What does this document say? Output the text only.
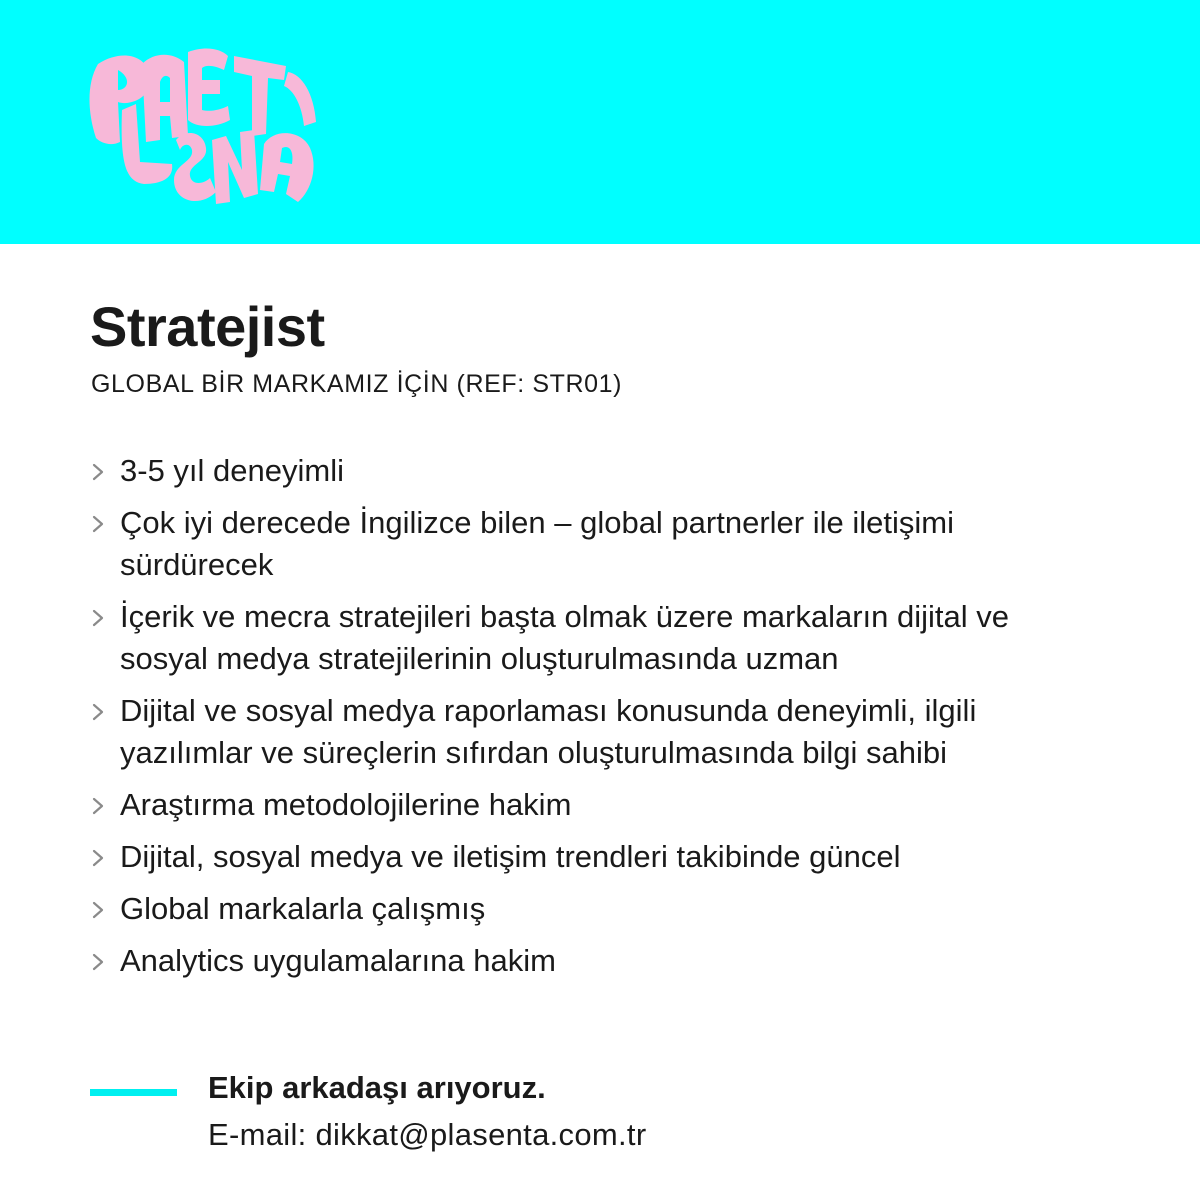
Stratejist
GLOBAL BİR MARKAMIZ İÇİN (REF: STR01)
3-5 yıl deneyimli
Çok iyi derecede İngilizce bilen – global partnerler ile iletişimi sürdürecek
İçerik ve mecra stratejileri başta olmak üzere markaların dijital ve sosyal medya stratejilerinin oluşturulmasında uzman
Dijital ve sosyal medya raporlaması konusunda deneyimli, ilgili yazılımlar ve süreçlerin sıfırdan oluşturulmasında bilgi sahibi
Araştırma metodolojilerine hakim
Dijital, sosyal medya ve iletişim trendleri takibinde güncel
Global markalarla çalışmış
Analytics uygulamalarına hakim
Ekip arkadaşı arıyoruz.
E-mail: dikkat@plasenta.com.tr
